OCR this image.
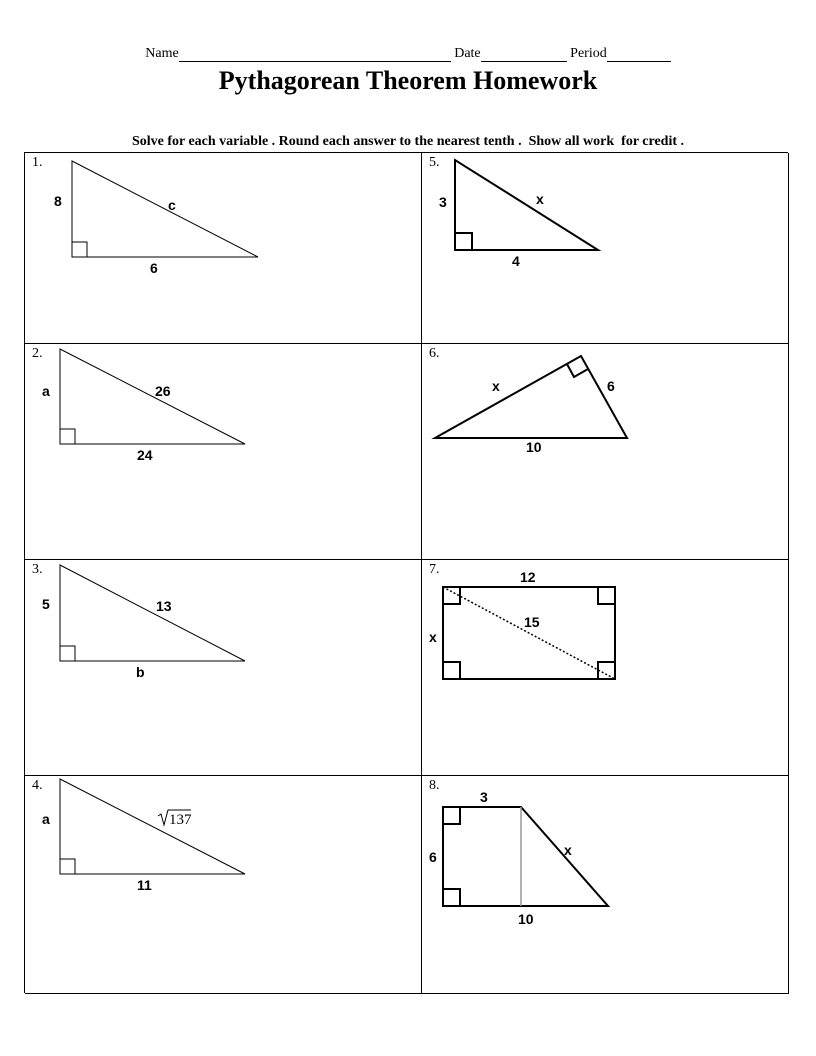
Name	Date	Period
Pythagorean Theorem Homework
Solve for each variable . Round each answer to the nearest tenth .  Show all work  for credit .
1.
8	c
6
5.
3	x
4
2.
a	26
24
6.
x	6
10
3.
5	13
b
7.	12
15
x
4.
a	137
11
8.
3
6	x
10
